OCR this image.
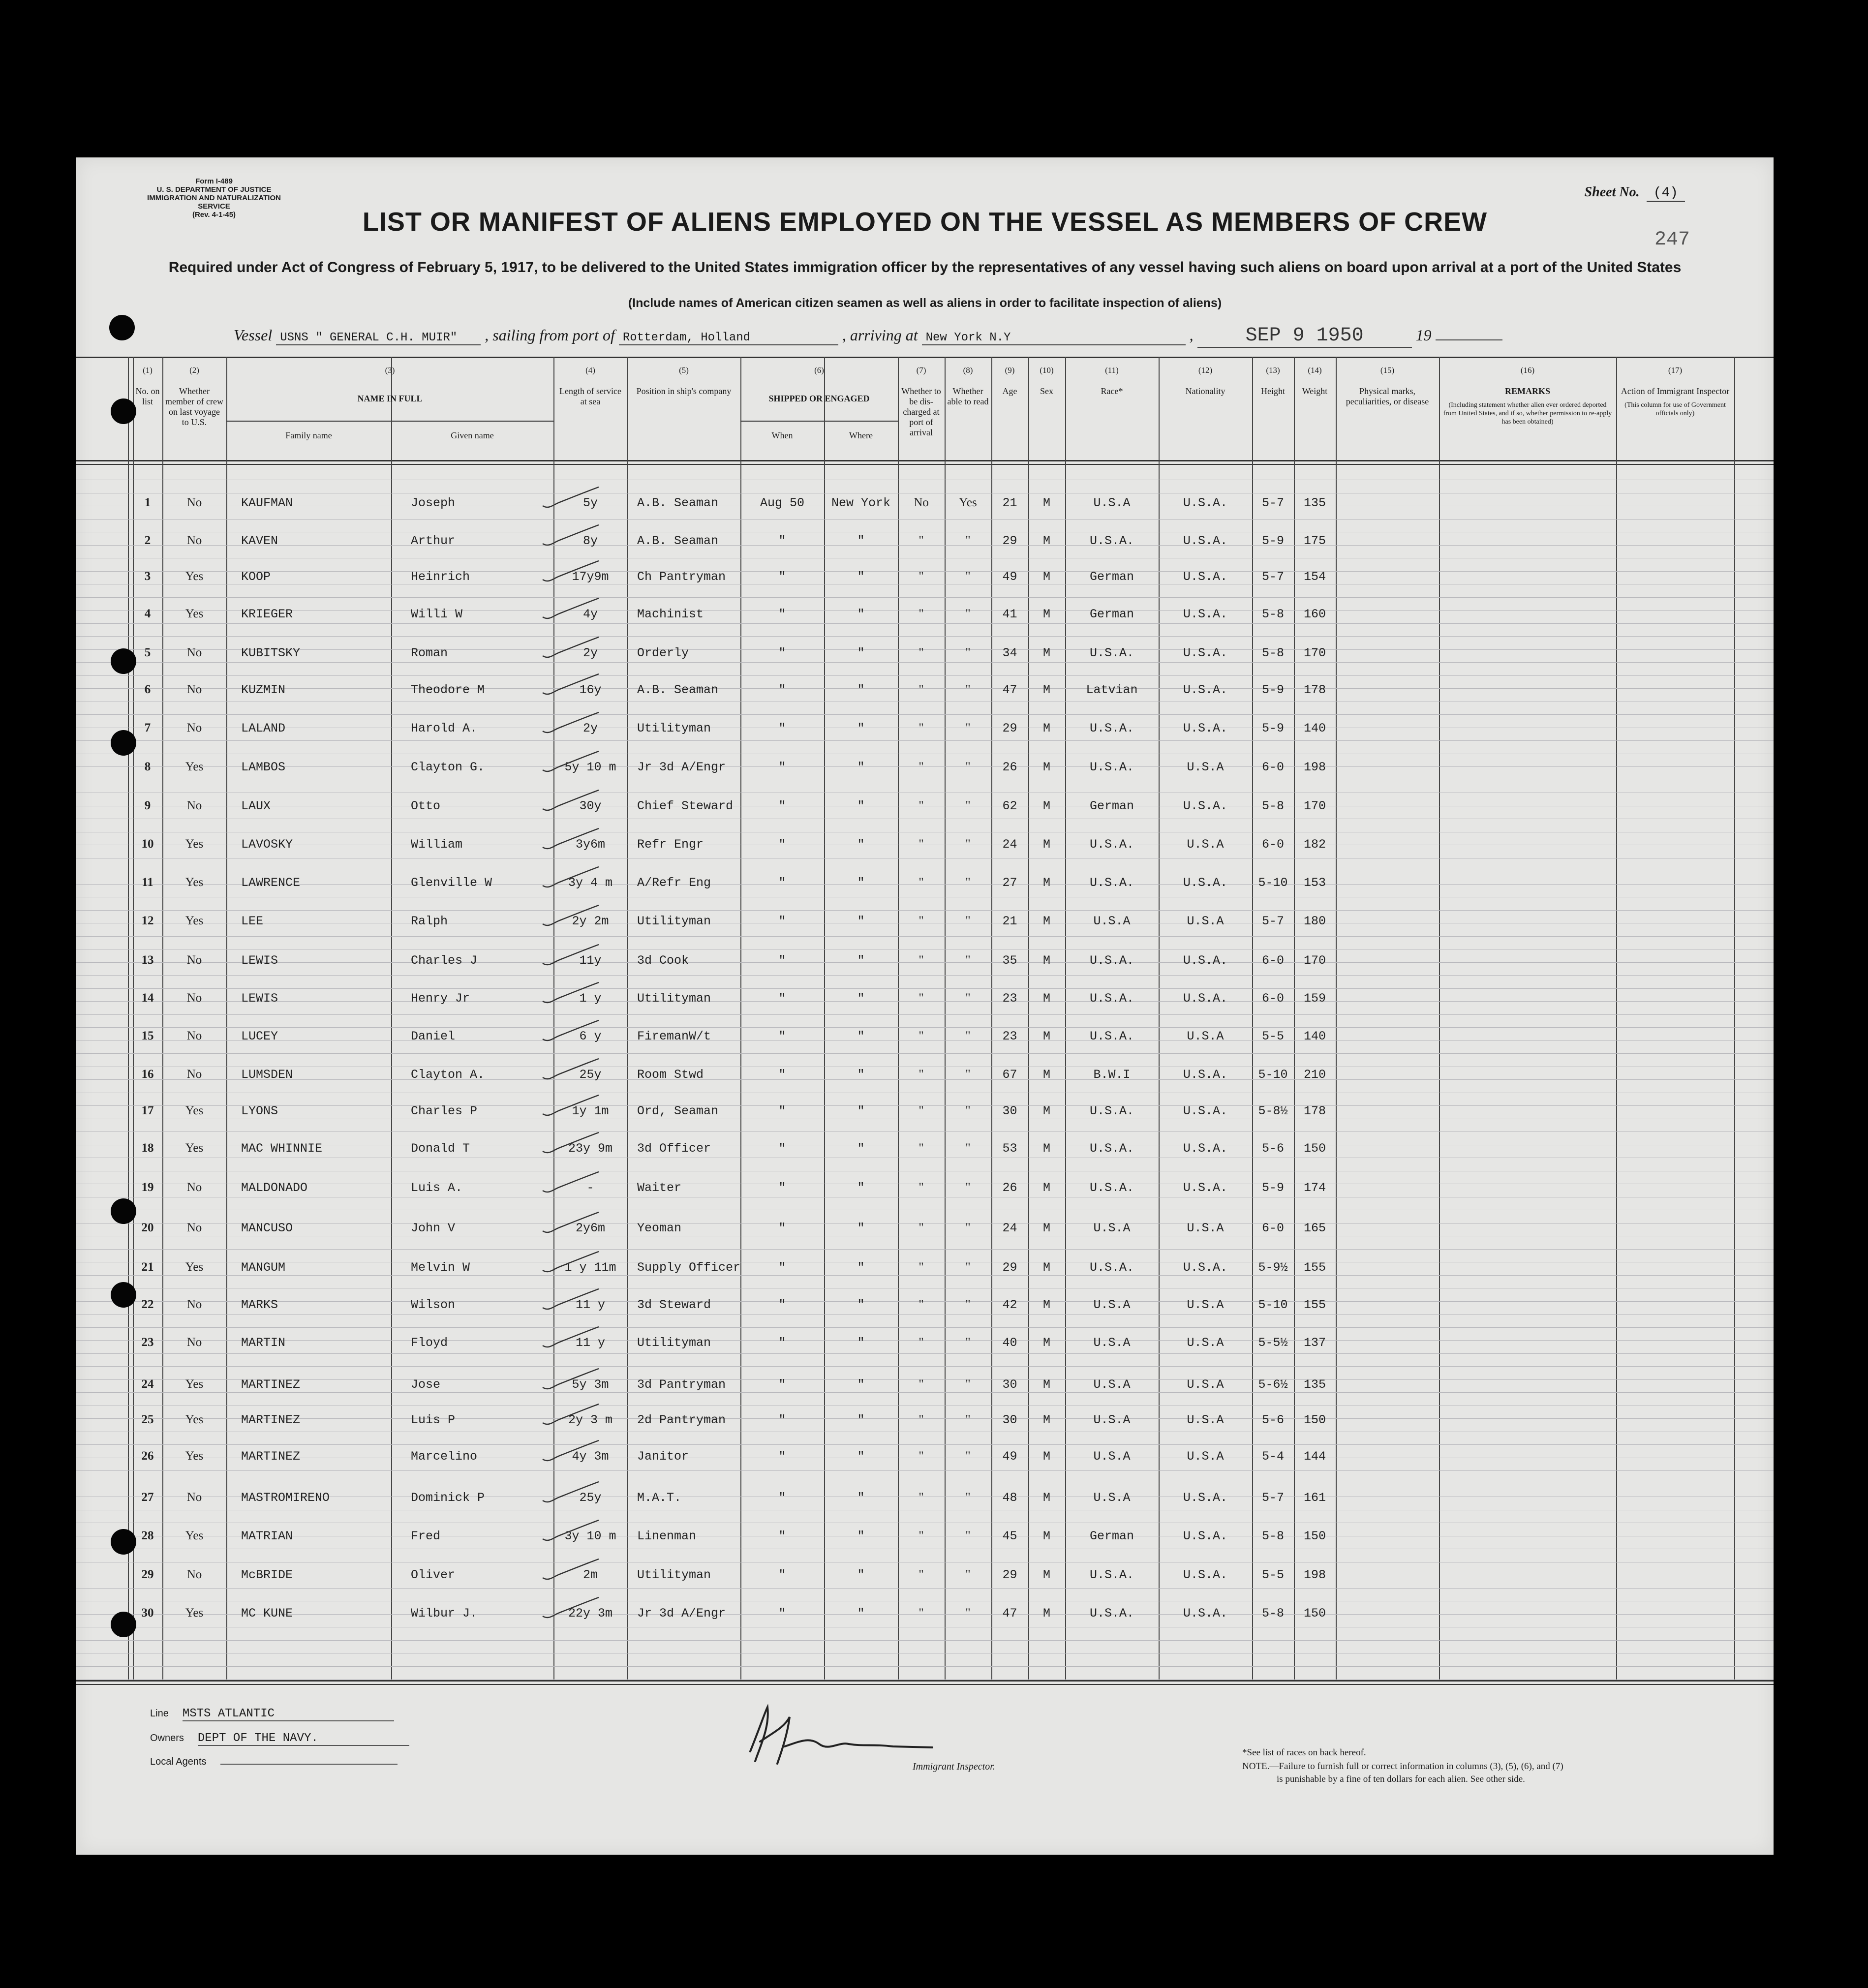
Form I-489
U. S. DEPARTMENT OF JUSTICE
IMMIGRATION AND NATURALIZATION SERVICE
(Rev. 4-1-45)
Sheet No. (4)
247
LIST OR MANIFEST OF ALIENS EMPLOYED ON THE VESSEL AS MEMBERS OF CREW
Required under Act of Congress of February 5, 1917, to be delivered to the United States immigration officer by the representatives of any vessel having such aliens on board upon arrival at a port of the United States
(Include names of American citizen seamen as well as aliens in order to facilitate inspection of aliens)
Vessel USNS " GENERAL C.H. MUIR" , sailing from port of Rotterdam, Holland	, arriving at New York N.Y	,	SEP 9 1950	19
(1)
No. on list
(2)
Whether member of crew on last voyage to U.S.
(3)
NAME IN FULL
Family name	Given name
(4)
Length of service at sea
(5)
Position in ship's company
(6)
SHIPPED OR ENGAGED
When	Where
(7)
Whether to be dis-charged at port of arrival
(8)
Whether able to read
(9)
Age
(10)
Sex
(11)
Race*
(12)
Nationality
(13)
Height
(14)
Weight
(15)
Physical marks, peculiarities, or disease
(16)
REMARKS
(Including statement whether alien ever ordered deported from United States, and if so, whether permission to re-apply has been obtained)
(17)
Action of Immigrant Inspector
(This column for use of Government officials only)
1	No	KAUFMAN	Joseph	5y	A.B. Seaman	Aug 50	New York	No	Yes	21	M	U.S.A	U.S.A.	5-7	135
2	No	KAVEN	Arthur	8y	A.B. Seaman	"	"	"	"	29	M	U.S.A.	U.S.A.	5-9	175
3	Yes	KOOP	Heinrich	17y9m	Ch Pantryman	"	"	"	"	49	M	German	U.S.A.	5-7	154
4	Yes	KRIEGER	Willi W	4y	Machinist	"	"	"	"	41	M	German	U.S.A.	5-8	160
5	No	KUBITSKY	Roman	2y	Orderly	"	"	"	"	34	M	U.S.A.	U.S.A.	5-8	170
6	No	KUZMIN	Theodore M	16y	A.B. Seaman	"	"	"	"	47	M	Latvian	U.S.A.	5-9	178
7	No	LALAND	Harold A.	2y	Utilityman	"	"	"	"	29	M	U.S.A.	U.S.A.	5-9	140
8	Yes	LAMBOS	Clayton G.	5y 10 m	Jr 3d A/Engr	"	"	"	"	26	M	U.S.A.	U.S.A	6-0	198
9	No	LAUX	Otto	30y	Chief Steward	"	"	"	"	62	M	German	U.S.A.	5-8	170
10	Yes	LAVOSKY	William	3y6m	Refr Engr	"	"	"	"	24	M	U.S.A.	U.S.A	6-0	182
11	Yes	LAWRENCE	Glenville W	3y 4 m	A/Refr Eng	"	"	"	"	27	M	U.S.A.	U.S.A.	5-10	153
12	Yes	LEE	Ralph	2y 2m	Utilityman	"	"	"	"	21	M	U.S.A	U.S.A	5-7	180
13	No	LEWIS	Charles J	11y	3d Cook	"	"	"	"	35	M	U.S.A.	U.S.A.	6-0	170
14	No	LEWIS	Henry Jr	1 y	Utilityman	"	"	"	"	23	M	U.S.A.	U.S.A.	6-0	159
15	No	LUCEY	Daniel	6 y	FiremanW/t	"	"	"	"	23	M	U.S.A.	U.S.A	5-5	140
16	No	LUMSDEN	Clayton A.	25y	Room Stwd	"	"	"	"	67	M	B.W.I	U.S.A.	5-10	210
17	Yes	LYONS	Charles P	1y 1m	Ord, Seaman	"	"	"	"	30	M	U.S.A.	U.S.A.	5-8½	178
18	Yes	MAC WHINNIE	Donald T	23y 9m	3d Officer	"	"	"	"	53	M	U.S.A.	U.S.A.	5-6	150
19	No	MALDONADO	Luis A.	-	Waiter	"	"	"	"	26	M	U.S.A.	U.S.A.	5-9	174
20	No	MANCUSO	John V	2y6m	Yeoman	"	"	"	"	24	M	U.S.A	U.S.A	6-0	165
21	Yes	MANGUM	Melvin W	1 y 11m	Supply Officer	"	"	"	"	29	M	U.S.A.	U.S.A.	5-9½	155
22	No	MARKS	Wilson	11 y	3d Steward	"	"	"	"	42	M	U.S.A	U.S.A	5-10	155
23	No	MARTIN	Floyd	11 y	Utilityman	"	"	"	"	40	M	U.S.A	U.S.A	5-5½	137
24	Yes	MARTINEZ	Jose	5y 3m	3d Pantryman	"	"	"	"	30	M	U.S.A	U.S.A	5-6½	135
25	Yes	MARTINEZ	Luis P	2y 3 m	2d Pantryman	"	"	"	"	30	M	U.S.A	U.S.A	5-6	150
26	Yes	MARTINEZ	Marcelino	4y 3m	Janitor	"	"	"	"	49	M	U.S.A	U.S.A	5-4	144
27	No	MASTROMIRENO	Dominick P	25y	M.A.T.	"	"	"	"	48	M	U.S.A	U.S.A.	5-7	161
28	Yes	MATRIAN	Fred	3y 10 m	Linenman	"	"	"	"	45	M	German	U.S.A.	5-8	150
29	No	McBRIDE	Oliver	2m	Utilityman	"	"	"	"	29	M	U.S.A.	U.S.A.	5-5	198
30	Yes	MC KUNE	Wilbur J.	22y 3m	Jr 3d A/Engr	"	"	"	"	47	M	U.S.A.	U.S.A.	5-8	150
Line MSTS ATLANTIC
Owners DEPT OF THE NAVY.
Local Agents	Immigrant Inspector.
*See list of races on back hereof.
NOTE.—Failure to furnish full or correct information in columns (3), (5), (6), and (7)
is punishable by a fine of ten dollars for each alien. See other side.
